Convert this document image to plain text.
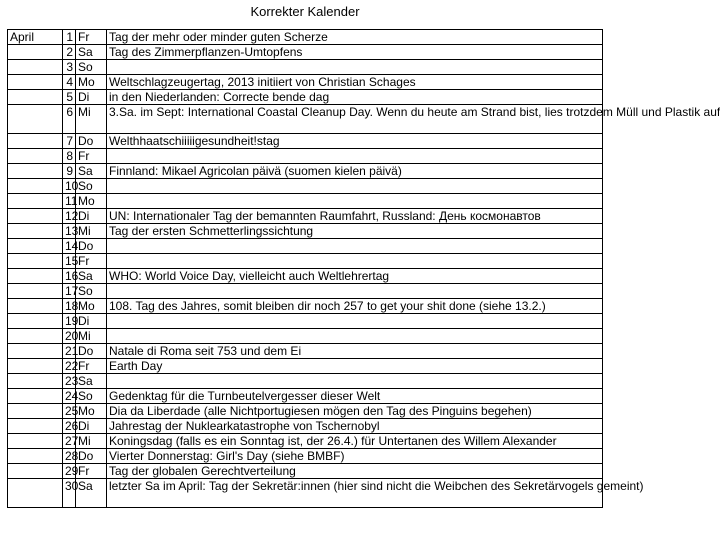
Korrekter Kalender
April	1	Fr	Tag der mehr oder minder guten Scherze
	2	Sa	Tag des Zimmerpflanzen-Umtopfens
	3	So	
	4	Mo	Weltschlagzeugertag, 2013 initiiert von Christian Schages
	5	Di	in den Niederlanden: Correcte bende dag
	6	Mi	3.Sa. im Sept: International Coastal Cleanup Day. Wenn du heute am Strand bist, lies trotzdem Müll und Plastik auf
	7	Do	Welthhaatschiiiiigesundheit!stag
	8	Fr	
	9	Sa	Finnland: Mikael Agricolan päivä (suomen kielen päivä)
	10	So	
	11	Mo	
	12	Di	UN: Internationaler Tag der bemannten Raumfahrt, Russland: День космонавтов
	13	Mi	Tag der ersten Schmetterlingssichtung
	14	Do	
	15	Fr	
	16	Sa	WHO: World Voice Day, vielleicht auch Weltlehrertag
	17	So	
	18	Mo	108. Tag des Jahres, somit bleiben dir noch 257 to get your shit done (siehe 13.2.)
	19	Di	
	20	Mi	
	21	Do	Natale di Roma seit 753 und dem Ei
	22	Fr	Earth Day
	23	Sa	
	24	So	Gedenktag für die Turnbeutelvergesser dieser Welt
	25	Mo	Dia da Liberdade (alle Nichtportugiesen mögen den Tag des Pinguins begehen)
	26	Di	Jahrestag der Nuklearkatastrophe von Tschernobyl
	27	Mi	Koningsdag (falls es ein Sonntag ist, der 26.4.) für Untertanen des Willem Alexander
	28	Do	Vierter Donnerstag: Girl's Day (siehe BMBF)
	29	Fr	Tag der globalen Gerechtverteilung
	30	Sa	letzter Sa im April: Tag der Sekretär:innen (hier sind nicht die Weibchen des Sekretärvogels gemeint)
